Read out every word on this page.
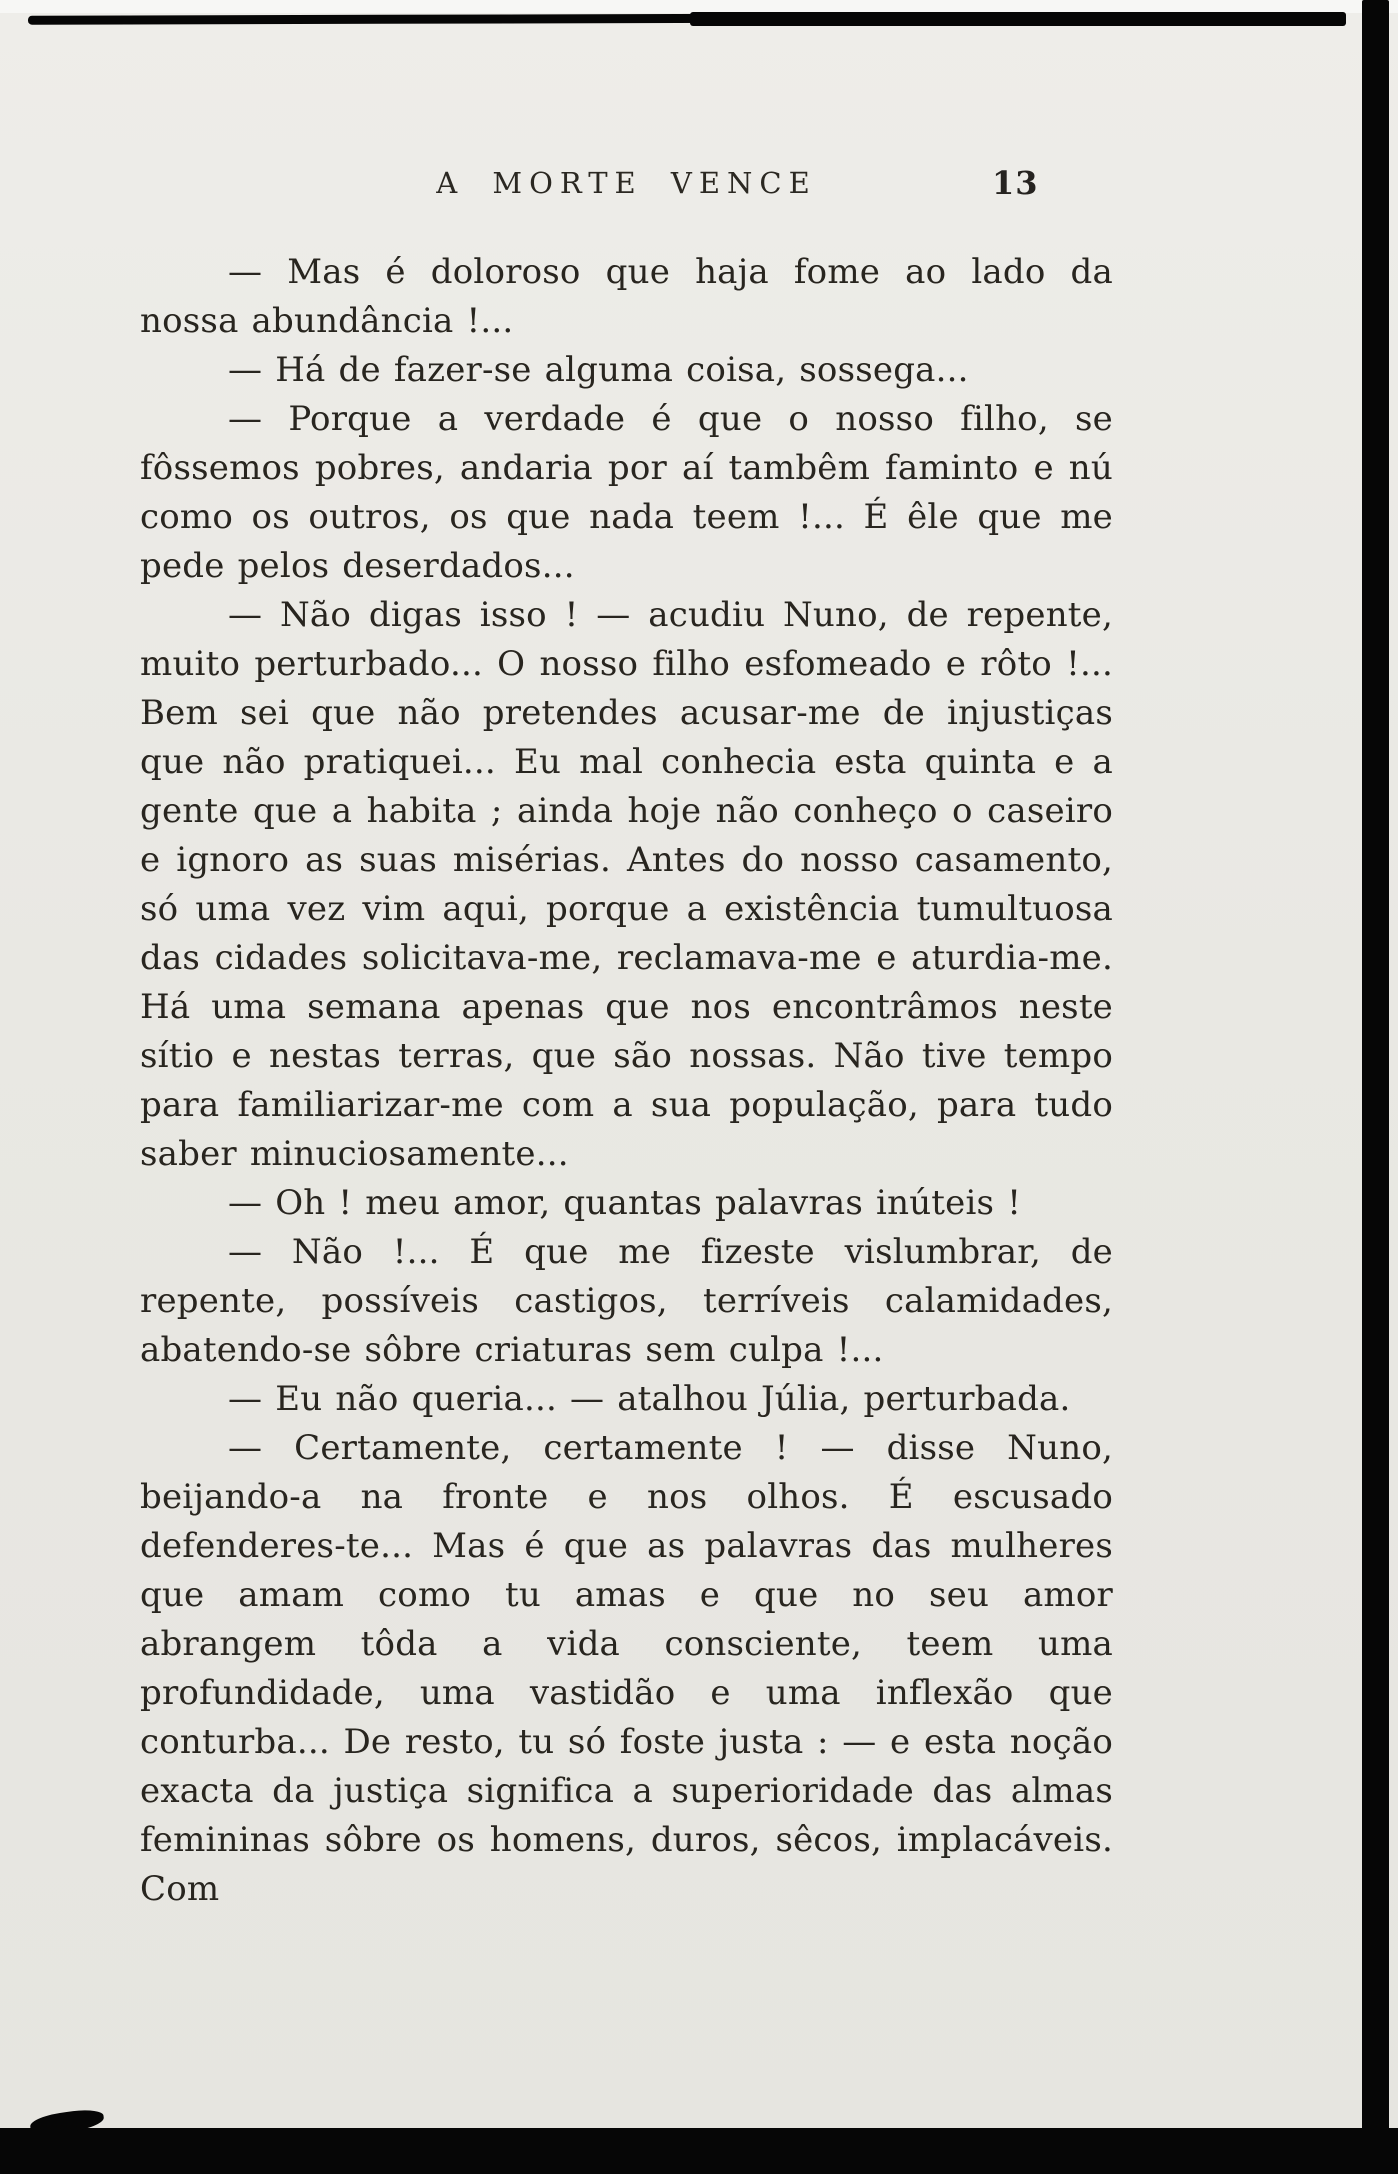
A MORTE VENCE	13

— Mas é doloroso que haja fome ao lado da nossa abundância !...

— Há de fazer-se alguma coisa, sossega...

— Porque a verdade é que o nosso filho, se fôssemos pobres, andaria por aí tambêm faminto e nú como os outros, os que nada teem !... É êle que me pede pelos deserdados...

— Não digas isso ! — acudiu Nuno, de repente, muito perturbado... O nosso filho esfomeado e rôto !... Bem sei que não pretendes acusar-me de injustiças que não pratiquei... Eu mal conhecia esta quinta e a gente que a habita ; ainda hoje não conheço o caseiro e ignoro as suas misérias. Antes do nosso casamento, só uma vez vim aqui, porque a existência tumultuosa das cidades solicitava-me, reclamava-me e aturdia-me. Há uma semana apenas que nos encontrâmos neste sítio e nestas terras, que são nossas. Não tive tempo para familiarizar-me com a sua população, para tudo saber minuciosamente...

— Oh ! meu amor, quantas palavras inúteis !

— Não !... É que me fizeste vislumbrar, de repente, possíveis castigos, terríveis calamidades, abatendo-se sôbre criaturas sem culpa !...

— Eu não queria... — atalhou Júlia, perturbada.

— Certamente, certamente ! — disse Nuno, beijando-a na fronte e nos olhos. É escusado defenderes-te... Mas é que as palavras das mulheres que amam como tu amas e que no seu amor abrangem tôda a vida consciente, teem uma profundidade, uma vastidão e uma inflexão que conturba... De resto, tu só foste justa : — e esta noção exacta da justiça significa a superioridade das almas femininas sôbre os homens, duros, sêcos, implacáveis. Com
